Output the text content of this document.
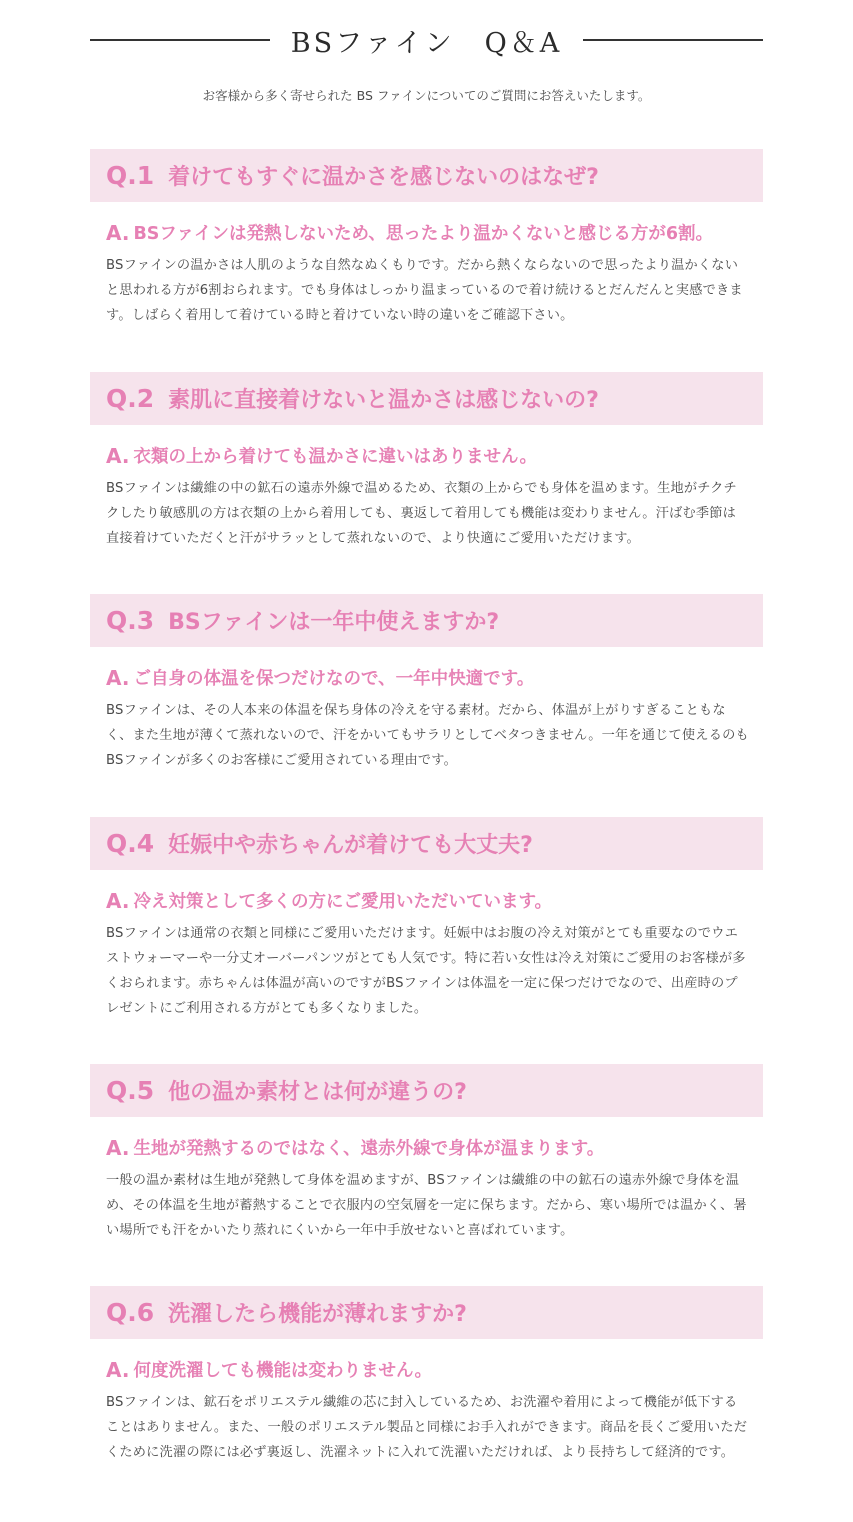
BSファイン　Q＆A
お客様から多く寄せられた BS ファインについてのご質問にお答えいたします。
Q.1 着けてもすぐに温かさを感じないのはなぜ?
A. BSファインは発熱しないため、思ったより温かくないと感じる方が6割。

BSファインの温かさは人肌のような自然なぬくもりです。だから熱くならないので思ったより温かくないと思われる方が6割おられます。でも身体はしっかり温まっているので着け続けるとだんだんと実感できます。しばらく着用して着けている時と着けていない時の違いをご確認下さい。

Q.2 素肌に直接着けないと温かさは感じないの?
A. 衣類の上から着けても温かさに違いはありません。

BSファインは繊維の中の鉱石の遠赤外線で温めるため、衣類の上からでも身体を温めます。生地がチクチクしたり敏感肌の方は衣類の上から着用しても、裏返して着用しても機能は変わりません。汗ばむ季節は直接着けていただくと汗がサラッとして蒸れないので、より快適にご愛用いただけます。

Q.3 BSファインは一年中使えますか?
A. ご自身の体温を保つだけなので、一年中快適です。

BSファインは、その人本来の体温を保ち身体の冷えを守る素材。だから、体温が上がりすぎることもなく、また生地が薄くて蒸れないので、汗をかいてもサラリとしてベタつきません。一年を通じて使えるのもBSファインが多くのお客様にご愛用されている理由です。

Q.4 妊娠中や赤ちゃんが着けても大丈夫?
A. 冷え対策として多くの方にご愛用いただいています。

BSファインは通常の衣類と同様にご愛用いただけます。妊娠中はお腹の冷え対策がとても重要なのでウエストウォーマーや一分丈オーバーパンツがとても人気です。特に若い女性は冷え対策にご愛用のお客様が多くおられます。赤ちゃんは体温が高いのですがBSファインは体温を一定に保つだけでなので、出産時のプレゼントにご利用される方がとても多くなりました。

Q.5 他の温か素材とは何が違うの?
A. 生地が発熱するのではなく、遠赤外線で身体が温まります。

一般の温か素材は生地が発熱して身体を温めますが、BSファインは繊維の中の鉱石の遠赤外線で身体を温め、その体温を生地が蓄熱することで衣服内の空気層を一定に保ちます。だから、寒い場所では温かく、暑い場所でも汗をかいたり蒸れにくいから一年中手放せないと喜ばれています。

Q.6 洗濯したら機能が薄れますか?
A. 何度洗濯しても機能は変わりません。

BSファインは、鉱石をポリエステル繊維の芯に封入しているため、お洗濯や着用によって機能が低下することはありません。また、一般のポリエステル製品と同様にお手入れができます。商品を長くご愛用いただくために洗濯の際には必ず裏返し、洗濯ネットに入れて洗濯いただければ、より長持ちして経済的です。
